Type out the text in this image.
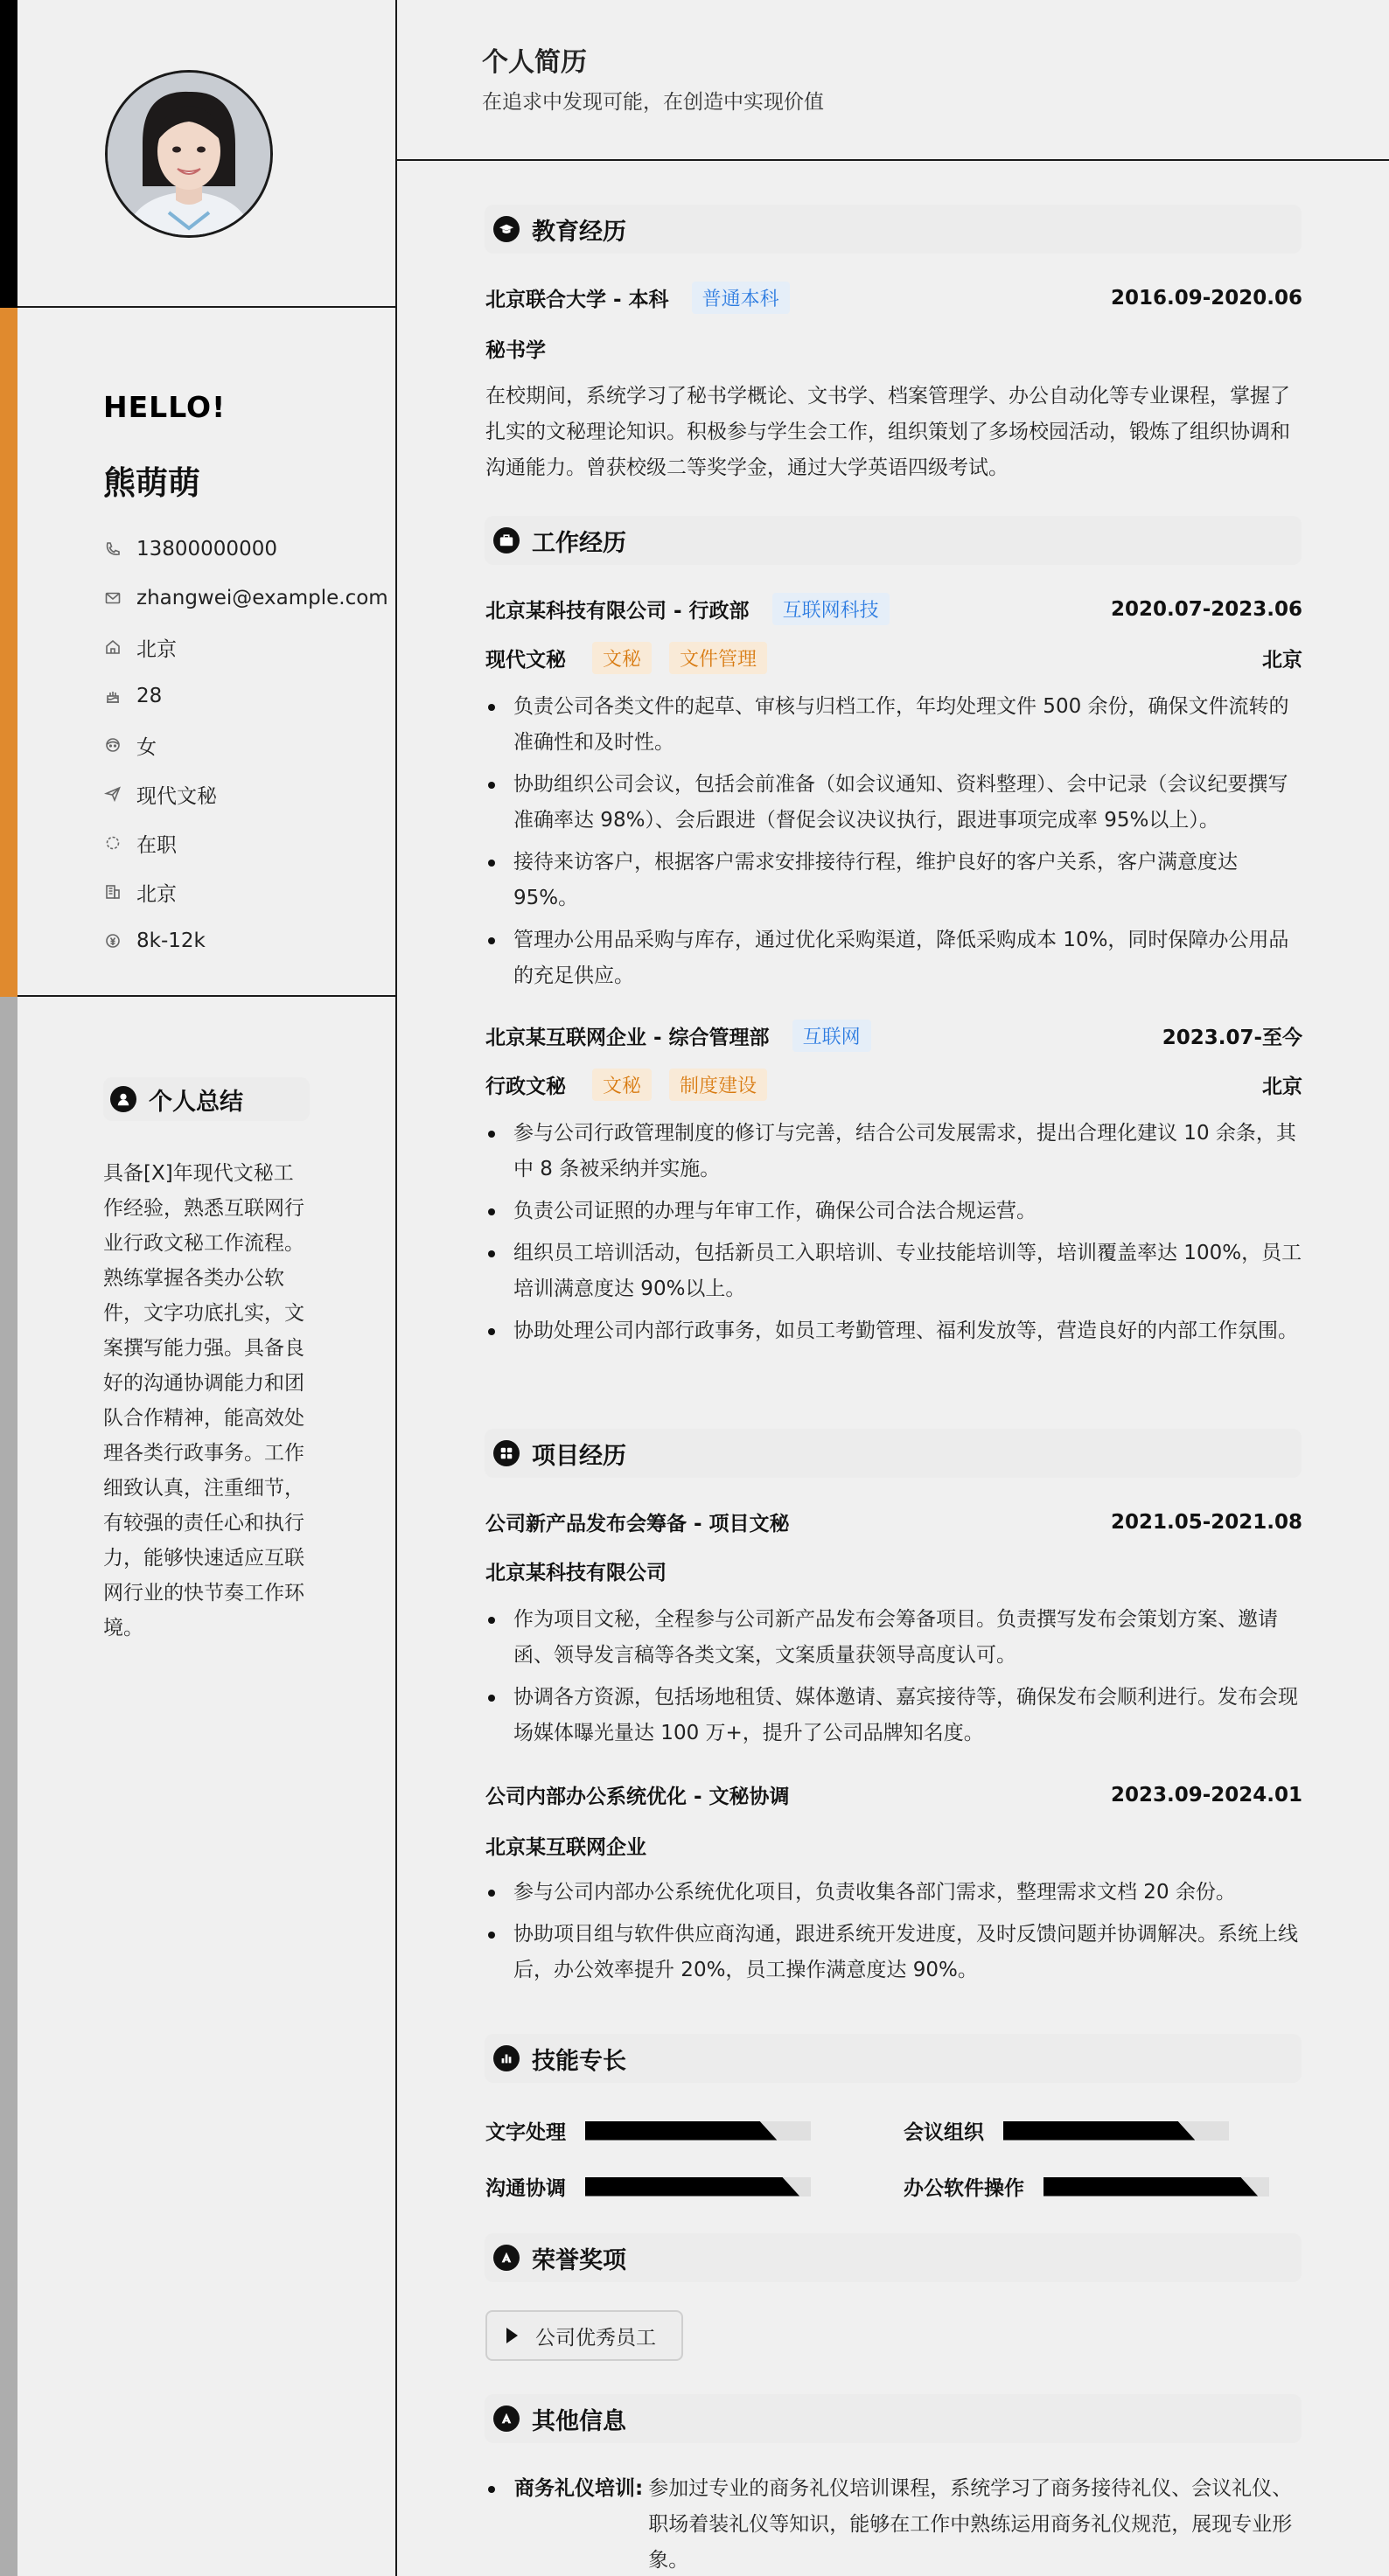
HELLO!
熊萌萌
13800000000
zhangwei@example.com
北京
28
女
现代文秘
在职
北京
8k-12k
个人总结
具备[X]年现代文秘工作经验，熟悉互联网行业行政文秘工作流程。熟练掌握各类办公软件，文字功底扎实，文案撰写能力强。具备良好的沟通协调能力和团队合作精神，能高效处理各类行政事务。工作细致认真，注重细节，有较强的责任心和执行力，能够快速适应互联网行业的快节奏工作环境。
个人简历
在追求中发现可能，在创造中实现价值
教育经历
北京联合大学 - 本科	普通本科	2016.09-2020.06
秘书学
在校期间，系统学习了秘书学概论、文书学、档案管理学、办公自动化等专业课程，掌握了扎实的文秘理论知识。积极参与学生会工作，组织策划了多场校园活动，锻炼了组织协调和沟通能力。曾获校级二等奖学金，通过大学英语四级考试。
工作经历
北京某科技有限公司 - 行政部	互联网科技	2020.07-2023.06
现代文秘	文秘	文件管理	北京
负责公司各类文件的起草、审核与归档工作，年均处理文件 500 余份，确保文件流转的准确性和及时性。
协助组织公司会议，包括会前准备（如会议通知、资料整理）、会中记录（会议纪要撰写准确率达 98%）、会后跟进（督促会议决议执行，跟进事项完成率 95%以上）。
接待来访客户，根据客户需求安排接待行程，维护良好的客户关系，客户满意度达 95%。
管理办公用品采购与库存，通过优化采购渠道，降低采购成本 10%，同时保障办公用品的充足供应。
北京某互联网企业 - 综合管理部	互联网	2023.07-至今
行政文秘	文秘	制度建设	北京
参与公司行政管理制度的修订与完善，结合公司发展需求，提出合理化建议 10 余条，其中 8 条被采纳并实施。
负责公司证照的办理与年审工作，确保公司合法合规运营。
组织员工培训活动，包括新员工入职培训、专业技能培训等，培训覆盖率达 100%，员工培训满意度达 90%以上。
协助处理公司内部行政事务，如员工考勤管理、福利发放等，营造良好的内部工作氛围。
项目经历
公司新产品发布会筹备 - 项目文秘	2021.05-2021.08
北京某科技有限公司
作为项目文秘，全程参与公司新产品发布会筹备项目。负责撰写发布会策划方案、邀请函、领导发言稿等各类文案，文案质量获领导高度认可。
协调各方资源，包括场地租赁、媒体邀请、嘉宾接待等，确保发布会顺利进行。发布会现场媒体曝光量达 100 万+，提升了公司品牌知名度。
公司内部办公系统优化 - 文秘协调	2023.09-2024.01
北京某互联网企业
参与公司内部办公系统优化项目，负责收集各部门需求，整理需求文档 20 余份。
协助项目组与软件供应商沟通，跟进系统开发进度，及时反馈问题并协调解决。系统上线后，办公效率提升 20%，员工操作满意度达 90%。
技能专长
文字处理	会议组织
沟通协调	办公软件操作
荣誉奖项
公司优秀员工
其他信息
商务礼仪培训: 参加过专业的商务礼仪培训课程，系统学习了商务接待礼仪、会议礼仪、职场着装礼仪等知识，能够在工作中熟练运用商务礼仪规范，展现专业形象。
